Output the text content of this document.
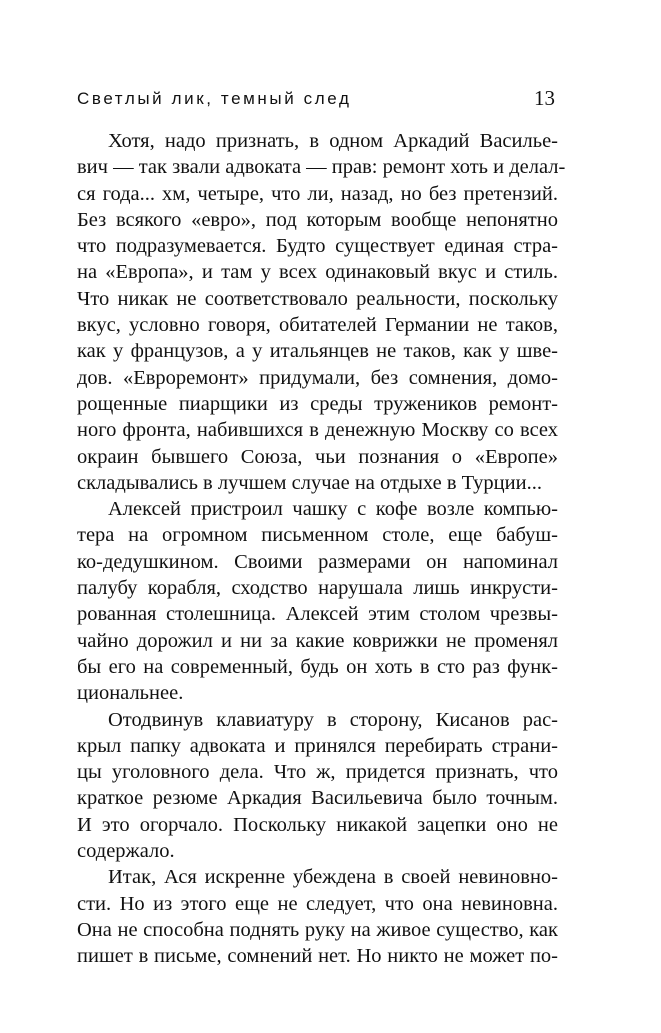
Светлый лик, темный след	13
Хотя, надо признать, в одном Аркадий Васильe-
вич — так звали адвоката — прав: ремонт хоть и делал-
ся года... хм, четыре, что ли, назад, но без претензий.
Без всякого «евро», под которым вообще непонятно
что подразумевается. Будто существует единая стра-
на «Европа», и там у всех одинаковый вкус и стиль.
Что никак не соответствовало реальности, поскольку
вкус, условно говоря, обитателей Германии не таков,
как у французов, а у итальянцев не таков, как у шве-
дов. «Евроремонт» придумали, без сомнения, домо-
рощенные пиарщики из среды тружеников ремонт-
ного фронта, набившихся в денежную Москву со всех
окраин бывшего Союза, чьи познания о «Европе»
складывались в лучшем случае на отдыхе в Турции...
Алексей пристроил чашку с кофе возле компью-
тера на огромном письменном столе, еще бабуш-
ко-дедушкином. Своими размерами он напоминал
палубу корабля, сходство нарушала лишь инкрусти-
рованная столешница. Алексей этим столом чрезвы-
чайно дорожил и ни за какие коврижки не променял
бы его на современный, будь он хоть в сто раз функ-
циональнее.
Отодвинув клавиатуру в сторону, Кисанов рас-
крыл папку адвоката и принялся перебирать страни-
цы уголовного дела. Что ж, придется признать, что
краткое резюме Аркадия Васильевича было точным.
И это огорчало. Поскольку никакой зацепки оно не
содержало.
Итак, Ася искренне убеждена в своей невиновно-
сти. Но из этого еще не следует, что она невиновна.
Она не способна поднять руку на живое существо, как
пишет в письме, сомнений нет. Но никто не может по-
